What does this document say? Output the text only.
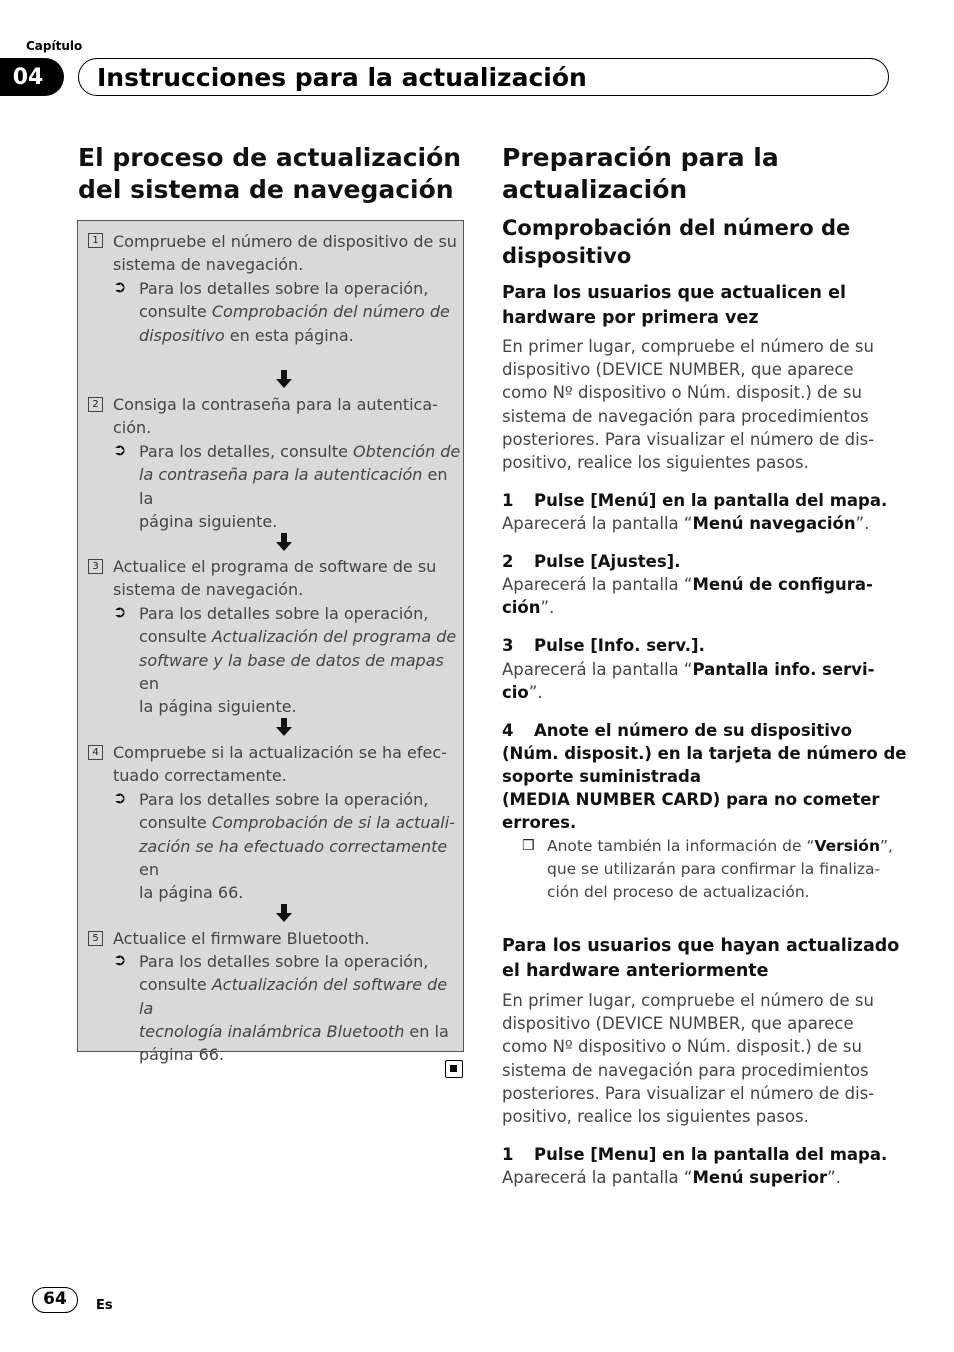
Capítulo
04	Instrucciones para la actualización
El proceso de actualización
del sistema de navegación
1 Compruebe el número de dispositivo de su
sistema de navegación.
➲ Para los detalles sobre la operación,
consulte Comprobación del número de
dispositivo en esta página.
2 Consiga la contraseña para la autentica-
ción.
➲ Para los detalles, consulte Obtención de
la contraseña para la autenticación en la
página siguiente.
3 Actualice el programa de software de su
sistema de navegación.
➲ Para los detalles sobre la operación,
consulte Actualización del programa de
software y la base de datos de mapas en
la página siguiente.
4 Compruebe si la actualización se ha efec-
tuado correctamente.
➲ Para los detalles sobre la operación,
consulte Comprobación de si la actuali-
zación se ha efectuado correctamente en
la página 66.
5 Actualice el firmware Bluetooth.
➲ Para los detalles sobre la operación,
consulte Actualización del software de la
tecnología inalámbrica Bluetooth en la
página 66.
Preparación para la
actualización
Comprobación del número de
dispositivo
Para los usuarios que actualicen el
hardware por primera vez
En primer lugar, compruebe el número de su
dispositivo (DEVICE NUMBER, que aparece
como Nº dispositivo o Núm. disposit.) de su
sistema de navegación para procedimientos
posteriores. Para visualizar el número de dis-
positivo, realice los siguientes pasos.
1 Pulse [Menú] en la pantalla del mapa.
Aparecerá la pantalla “Menú navegación”.
2 Pulse [Ajustes].
Aparecerá la pantalla “Menú de configura-
ción”.
3 Pulse [Info. serv.].
Aparecerá la pantalla “Pantalla info. servi-
cio”.
4 Anote el número de su dispositivo
(Núm. disposit.) en la tarjeta de número de
soporte suministrada
(MEDIA NUMBER CARD) para no cometer
errores.
❒ Anote también la información de “Versión”,
que se utilizarán para confirmar la finaliza-
ción del proceso de actualización.
Para los usuarios que hayan actualizado
el hardware anteriormente
En primer lugar, compruebe el número de su
dispositivo (DEVICE NUMBER, que aparece
como Nº dispositivo o Núm. disposit.) de su
sistema de navegación para procedimientos
posteriores. Para visualizar el número de dis-
positivo, realice los siguientes pasos.
1 Pulse [Menu] en la pantalla del mapa.
Aparecerá la pantalla “Menú superior”.
64	Es
